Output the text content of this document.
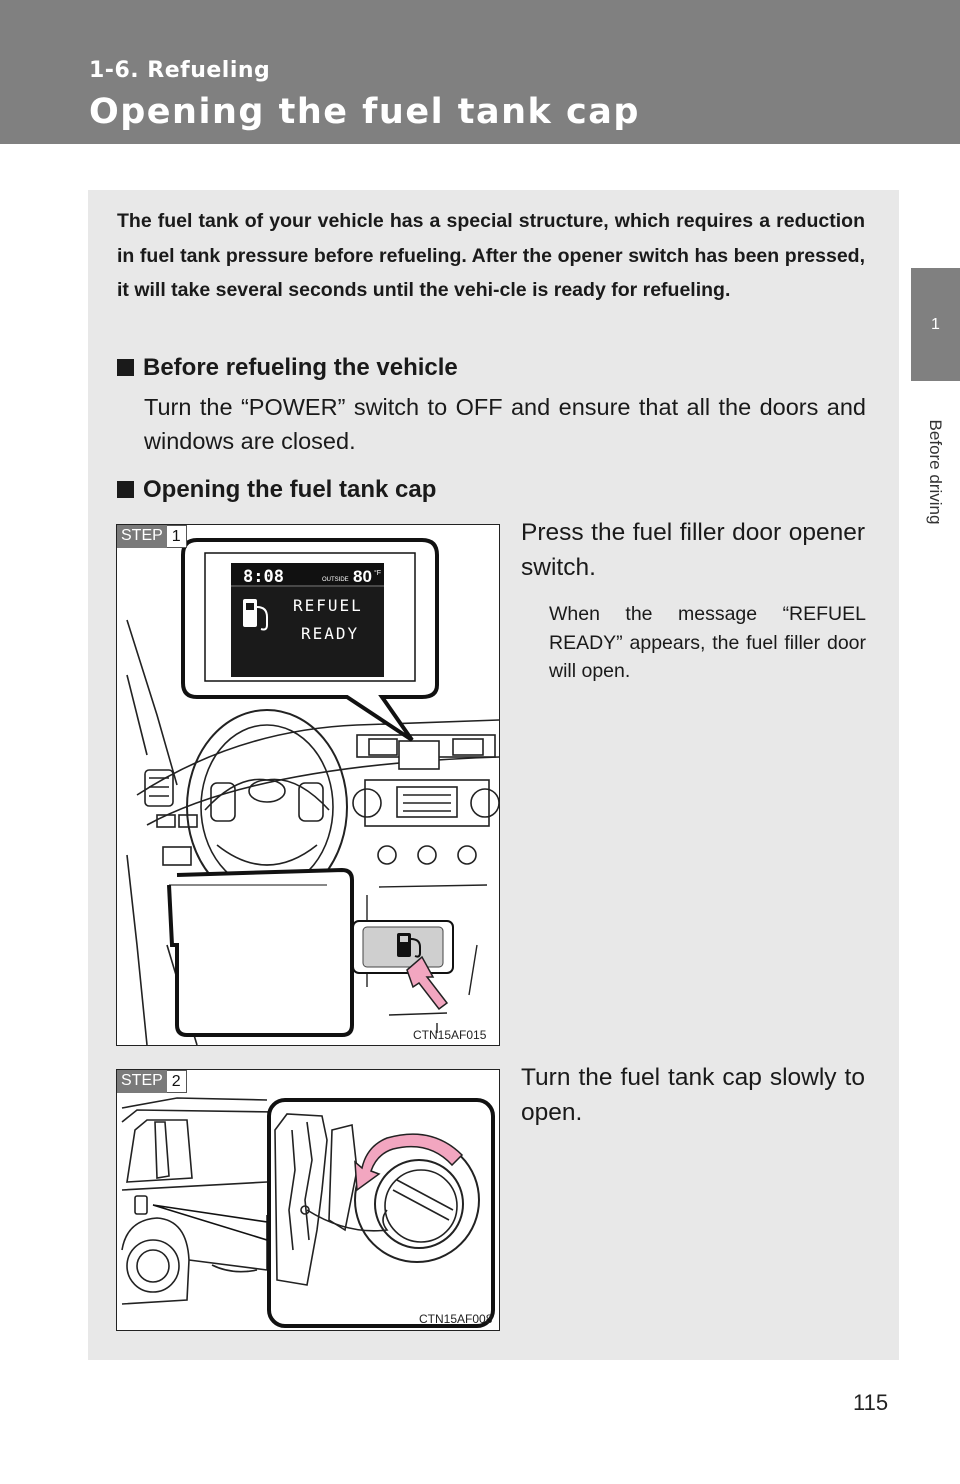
1-6. Refueling
Opening the fuel tank cap
1
Before driving
The fuel tank of your vehicle has a special structure, which requires a reduction in fuel tank pressure before refueling. After the opener switch has been pressed, it will take several seconds until the vehi-cle is ready for refueling.
Before refueling the vehicle
Turn the “POWER” switch to OFF and ensure that all the doors and windows are closed.
Opening the fuel tank cap
STEP 1
8:08	OUTSIDE 80 °F
REFUEL
READY
CTN15AF015
Press the fuel filler door opener switch.
When the message “REFUEL READY” appears, the fuel filler door will open.
STEP 2
CTN15AF008
Turn the fuel tank cap slowly to open.
115
